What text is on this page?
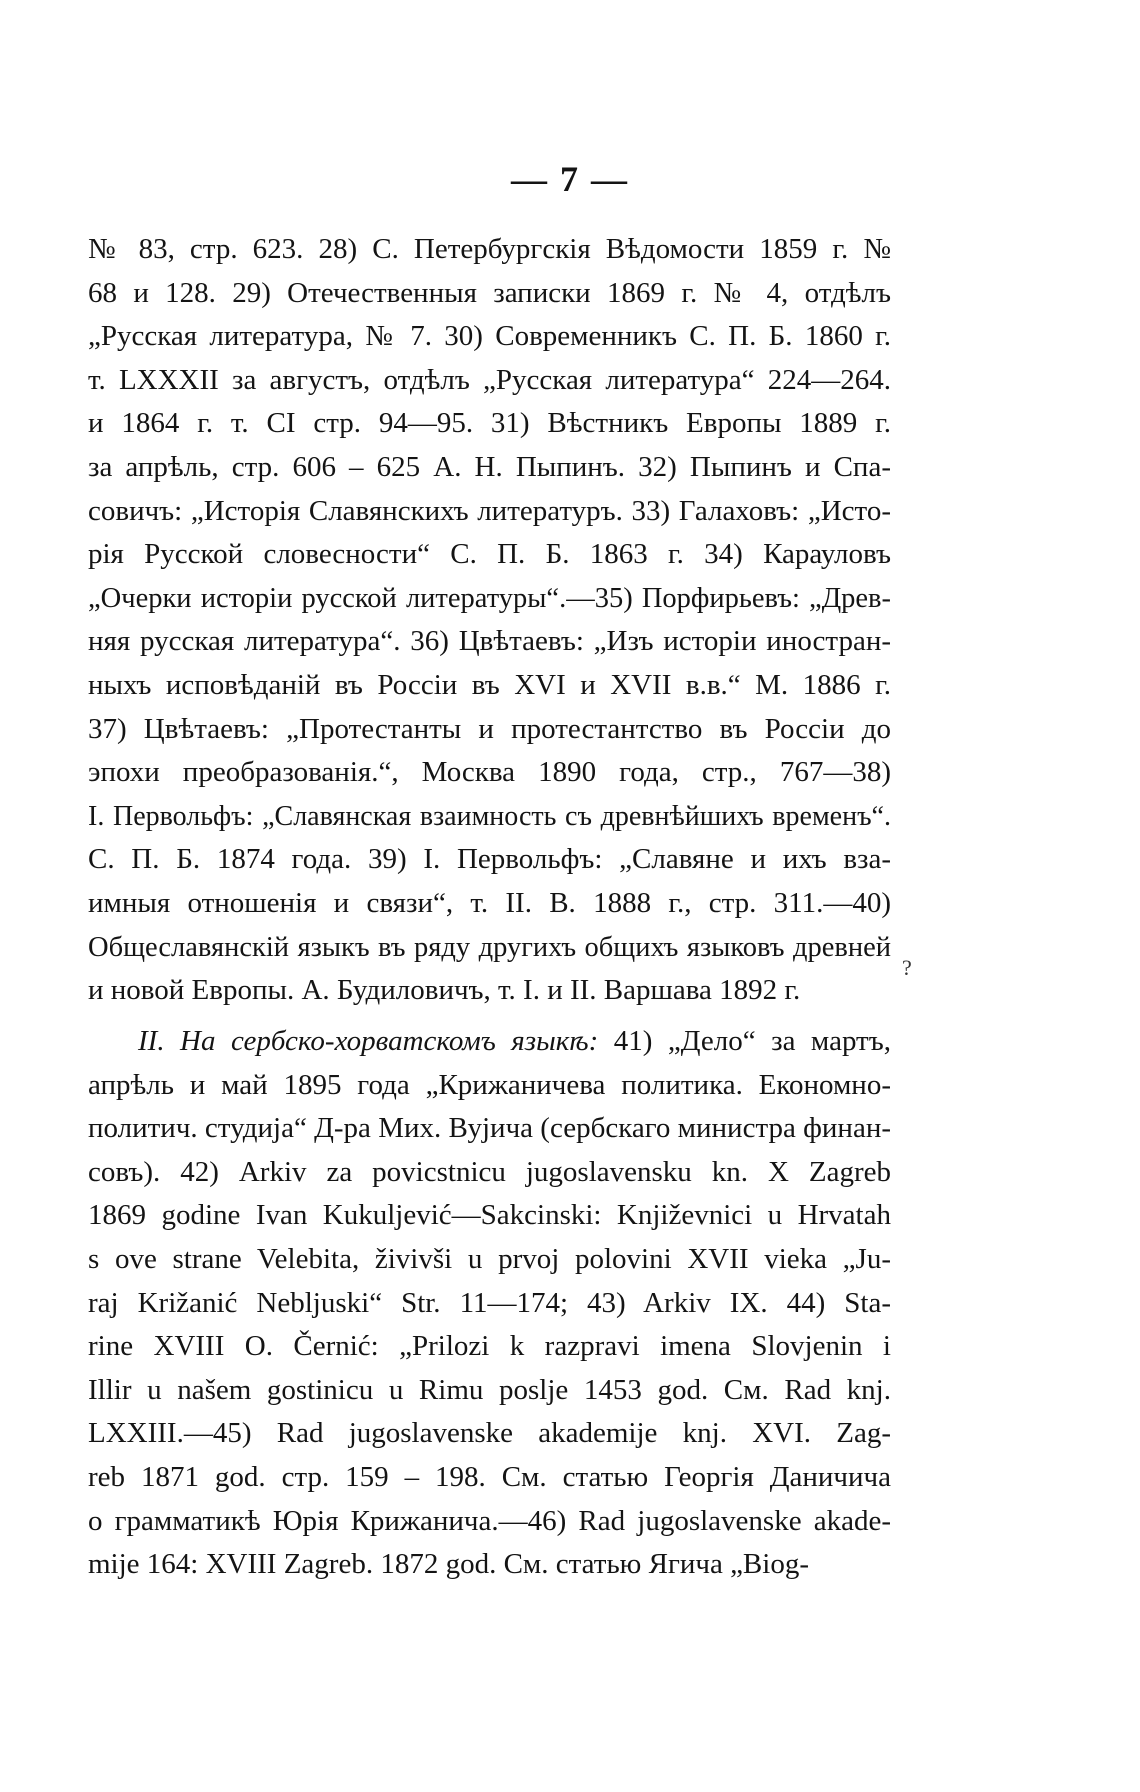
— 7 —
?
№ 83, стр. 623. 28) С. Петербургскія Вѣдомости 1859 г. №
68 и 128. 29) Отечественныя записки 1869 г. № 4, отдѣлъ
„Русская литература, № 7. 30) Современникъ С. П. Б. 1860 г.
т. LXXXII за августъ, отдѣлъ „Русская литература“ 224—264.
и 1864 г. т. CI стр. 94—95. 31) Вѣстникъ Европы 1889 г.
за апрѣль, стр. 606 – 625 А. Н. Пыпинъ. 32) Пыпинъ и Спа-
совичъ: „Исторія Славянскихъ литературъ. 33) Галаховъ: „Исто-
рія Русской словесности“ С. П. Б. 1863 г. 34) Карауловъ
„Очерки исторіи русской литературы“.—35) Порфирьевъ: „Древ-
няя русская литература“. 36) Цвѣтаевъ: „Изъ исторіи иностран-
ныхъ исповѣданій въ Россіи въ XVI и XVII в.в.“ М. 1886 г.
37) Цвѣтаевъ: „Протестанты и протестантство въ Россіи до
эпохи преобразованія.“, Москва 1890 года, стр., 767—38)
I. Первольфъ: „Славянская взаимность съ древнѣйшихъ временъ“.
С. П. Б. 1874 года. 39) I. Первольфъ: „Славяне и ихъ вза-
имныя отношенія и связи“, т. II. В. 1888 г., стр. 311.—40)
Общеславянскій языкъ въ ряду другихъ общихъ языковъ древней
и новой Европы. А. Будиловичъ, т. I. и II. Варшава 1892 г.
II. На сербско-хорватскомъ языкѣ: 41) „Дело“ за мартъ,
апрѣль и май 1895 года „Крижаничева политика. Економно-
политич. студија“ Д-ра Мих. Вујича (сербскаго министра финан-
совъ). 42) Arkiv za povicstnicu jugoslavensku kn. X Zagreb
1869 godine Ivan Kukuljević—Sakcinski: Književnici u Hrvatah
s ove strane Velebita, živivši u prvoj polovini XVII vieka „Ju-
raj Križanić Nebljuski“ Str. 11—174; 43) Arkiv IX. 44) Sta-
rine XVIII O. Černić: „Prilozi k razpravi imena Slovjenin i
Illir u našem gostinicu u Rimu poslje 1453 god. См. Rad knj.
LXXIII.—45) Rad jugoslavenske akademije knj. XVI. Zag-
reb 1871 god. стр. 159 – 198. См. статью Георгія Даничича
о грамматикѣ Юрія Крижанича.—46) Rad jugoslavenske akade-
mije 164: XVIII Zagreb. 1872 god. См. статью Ягича „Biog-
